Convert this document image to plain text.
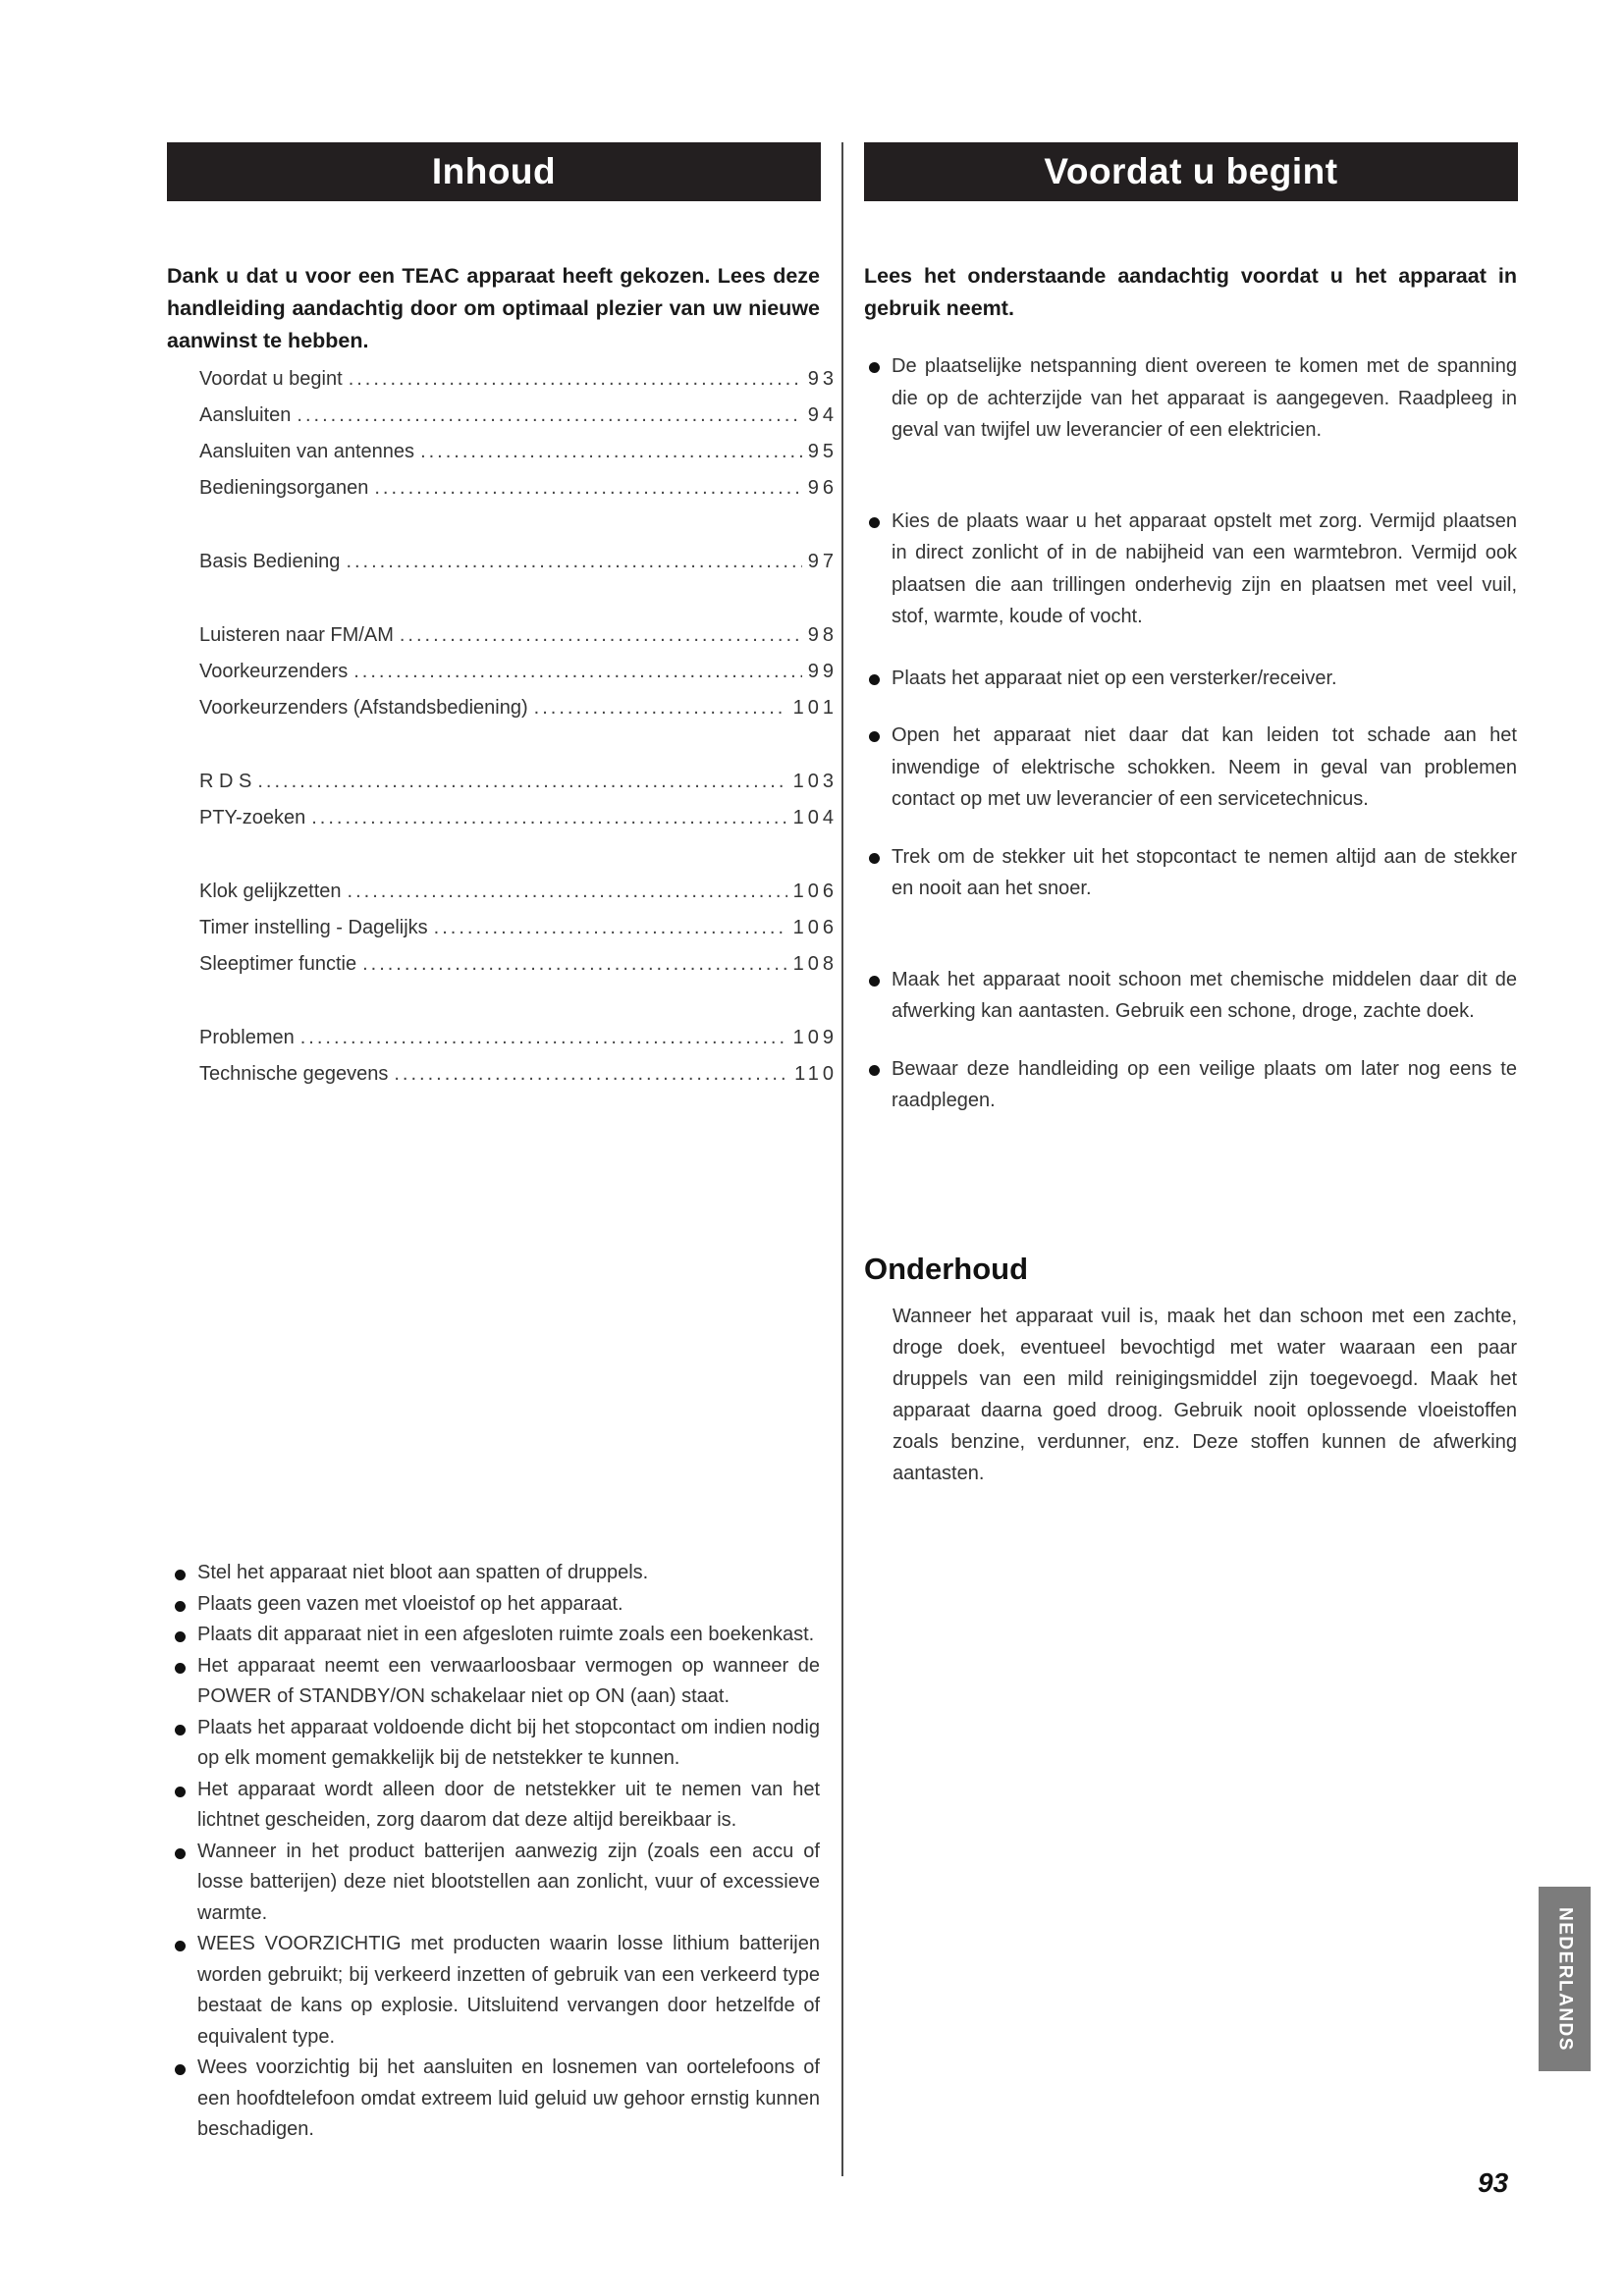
Inhoud	Voordat u begint
Dank u dat u voor een TEAC apparaat heeft gekozen. Lees deze handleiding aandachtig door om optimaal plezier van uw nieuwe aanwinst te hebben.
Lees het onderstaande aandachtig voordat u het apparaat in gebruik neemt.
Voordat u begint .....	93
Aansluiten .....	94
Aansluiten van antennes .....	95
Bedieningsorganen .....	96
Basis Bediening .....	97
Luisteren naar FM/AM .....	98
Voorkeurzenders .....	99
Voorkeurzenders (Afstandsbediening) .....	101
R D S .....	103
PTY-zoeken .....	104
Klok gelijkzetten .....	106
Timer instelling - Dagelijks .....	106
Sleeptimer functie .....	108
Problemen .....	109
Technische gegevens .....	110
De plaatselijke netspanning dient overeen te komen met de spanning die op de achterzijde van het apparaat is aangegeven. Raadpleeg in geval van twijfel uw leverancier of een elektricien.
Kies de plaats waar u het apparaat opstelt met zorg. Vermijd plaatsen in direct zonlicht of in de nabijheid van een warmtebron. Vermijd ook plaatsen die aan trillingen onderhevig zijn en plaatsen met veel vuil, stof, warmte, koude of vocht.
Plaats het apparaat niet op een versterker/receiver.
Open het apparaat niet daar dat kan leiden tot schade aan het inwendige of elektrische schokken. Neem in geval van problemen contact op met uw leverancier of een servicetechnicus.
Trek om de stekker uit het stopcontact te nemen altijd aan de stekker en nooit aan het snoer.
Maak het apparaat nooit schoon met chemische middelen daar dit de afwerking kan aantasten. Gebruik een schone, droge, zachte doek.
Bewaar deze handleiding op een veilige plaats om later nog eens te raadplegen.
Onderhoud
Wanneer het apparaat vuil is, maak het dan schoon met een zachte, droge doek, eventueel bevochtigd met water waaraan een paar druppels van een mild reinigingsmiddel zijn toegevoegd. Maak het apparaat daarna goed droog. Gebruik nooit oplossende vloeistoffen zoals benzine, verdunner, enz. Deze stoffen kunnen de afwerking aantasten.
Stel het apparaat niet bloot aan spatten of druppels.
Plaats geen vazen met vloeistof op het apparaat.
Plaats dit apparaat niet in een afgesloten ruimte zoals een boekenkast.
Het apparaat neemt een verwaarloosbaar vermogen op wanneer de POWER of STANDBY/ON schakelaar niet op ON (aan) staat.
Plaats het apparaat voldoende dicht bij het stopcontact om indien nodig op elk moment gemakkelijk bij de netstekker te kunnen.
Het apparaat wordt alleen door de netstekker uit te nemen van het lichtnet gescheiden, zorg daarom dat deze altijd bereikbaar is.
Wanneer in het product batterijen aanwezig zijn (zoals een accu of losse batterijen) deze niet blootstellen aan zonlicht, vuur of excessieve warmte.
WEES VOORZICHTIG met producten waarin losse lithium batterijen worden gebruikt; bij verkeerd inzetten of gebruik van een verkeerd type bestaat de kans op explosie. Uitsluitend vervangen door hetzelfde of equivalent type.
Wees voorzichtig bij het aansluiten en losnemen van oortelefoons of een hoofdtelefoon omdat extreem luid geluid uw gehoor ernstig kunnen beschadigen.
NEDERLANDS
93
